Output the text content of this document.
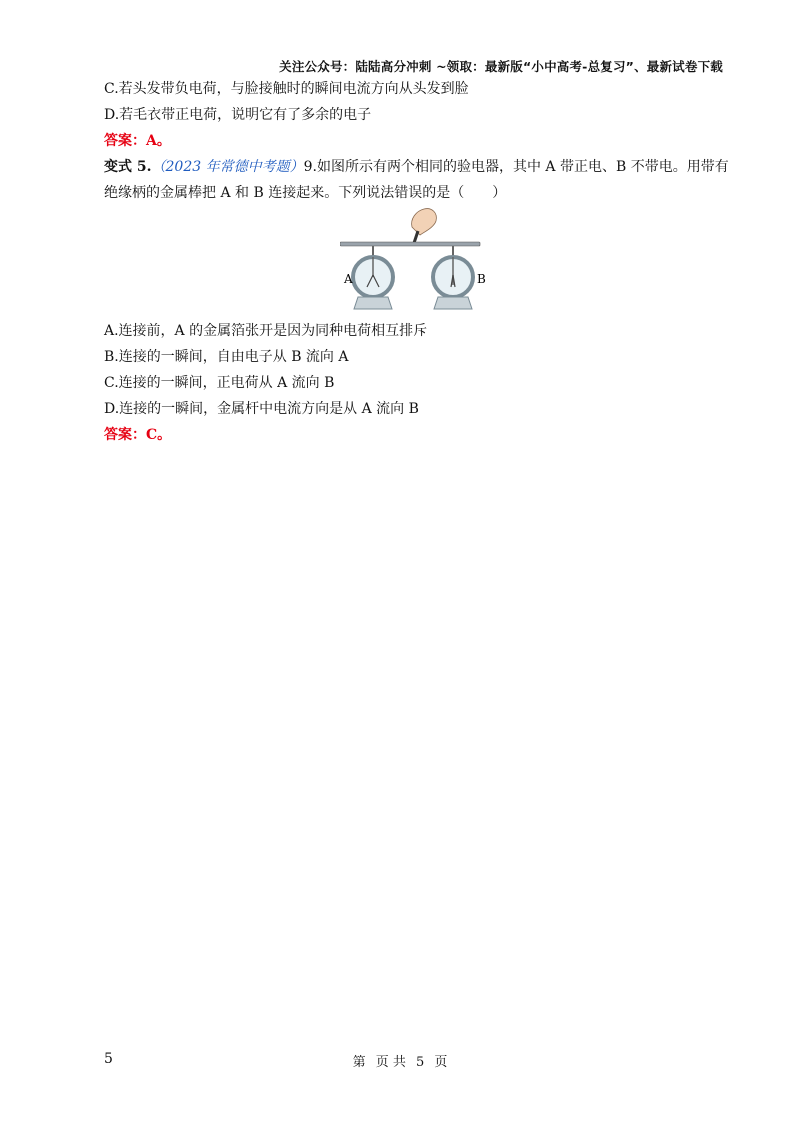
关注公众号：陆陆高分冲刺 ~领取：最新版“小中高考-总复习”、最新试卷下载
C.若头发带负电荷，与脸接触时的瞬间电流方向从头发到脸
D.若毛衣带正电荷，说明它有了多余的电子
答案：A。
变式 5.（2023 年常德中考题）9.如图所示有两个相同的验电器，其中 A 带正电、B 不带电。用带有
绝缘柄的金属棒把 A 和 B 连接起来。下列说法错误的是（　　）
A	B
A.连接前，A 的金属箔张开是因为同种电荷相互排斥
B.连接的一瞬间，自由电子从 B 流向 A
C.连接的一瞬间，正电荷从 A 流向 B
D.连接的一瞬间，金属杆中电流方向是从 A 流向 B
答案：C。
5	第 页 共 5 页
